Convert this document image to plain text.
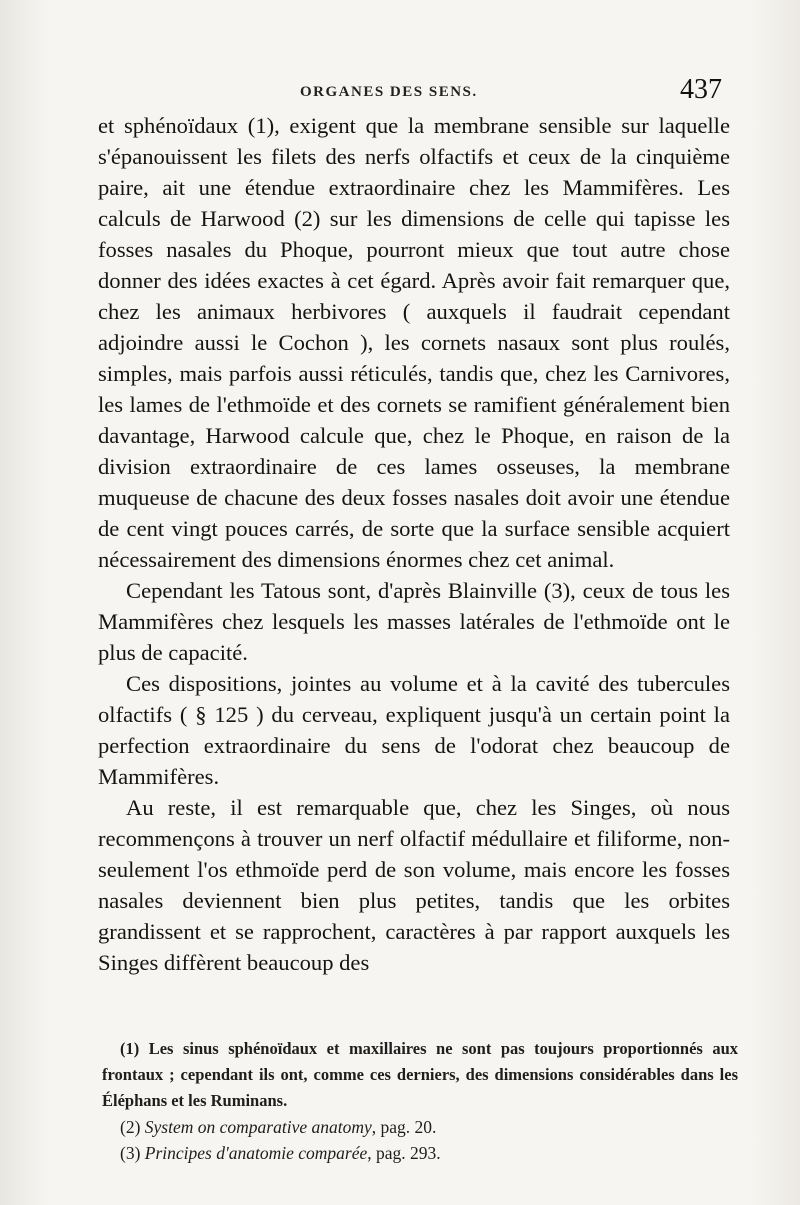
ORGANES DES SENS.	437

et sphénoïdaux (1), exigent que la membrane sensible sur laquelle s'épanouissent les filets des nerfs olfactifs et ceux de la cinquième paire, ait une étendue extraordinaire chez les Mammifères. Les calculs de Harwood (2) sur les dimensions de celle qui tapisse les fosses nasales du Phoque, pourront mieux que tout autre chose donner des idées exactes à cet égard. Après avoir fait remarquer que, chez les animaux herbivores ( auxquels il faudrait cependant adjoindre aussi le Cochon ), les cornets nasaux sont plus roulés, simples, mais parfois aussi réticulés, tandis que, chez les Carnivores, les lames de l'ethmoïde et des cornets se ramifient généralement bien davantage, Harwood calcule que, chez le Phoque, en raison de la division extraordinaire de ces lames osseuses, la membrane muqueuse de chacune des deux fosses nasales doit avoir une étendue de cent vingt pouces carrés, de sorte que la surface sensible acquiert nécessairement des dimensions énormes chez cet animal.

Cependant les Tatous sont, d'après Blainville (3), ceux de tous les Mammifères chez lesquels les masses latérales de l'ethmoïde ont le plus de capacité.

Ces dispositions, jointes au volume et à la cavité des tubercules olfactifs ( § 125 ) du cerveau, expliquent jusqu'à un certain point la perfection extraordinaire du sens de l'odorat chez beaucoup de Mammifères.

Au reste, il est remarquable que, chez les Singes, où nous recommençons à trouver un nerf olfactif médullaire et filiforme, non-seulement l'os ethmoïde perd de son volume, mais encore les fosses nasales deviennent bien plus petites, tandis que les orbites grandissent et se rapprochent, caractères à par rapport auxquels les Singes diffèrent beaucoup des

(1) Les sinus sphénoïdaux et maxillaires ne sont pas toujours proportionnés aux frontaux ; cependant ils ont, comme ces derniers, des dimensions considérables dans les Éléphans et les Ruminans.

(2) System on comparative anatomy, pag. 20.

(3) Principes d'anatomie comparée, pag. 293.
